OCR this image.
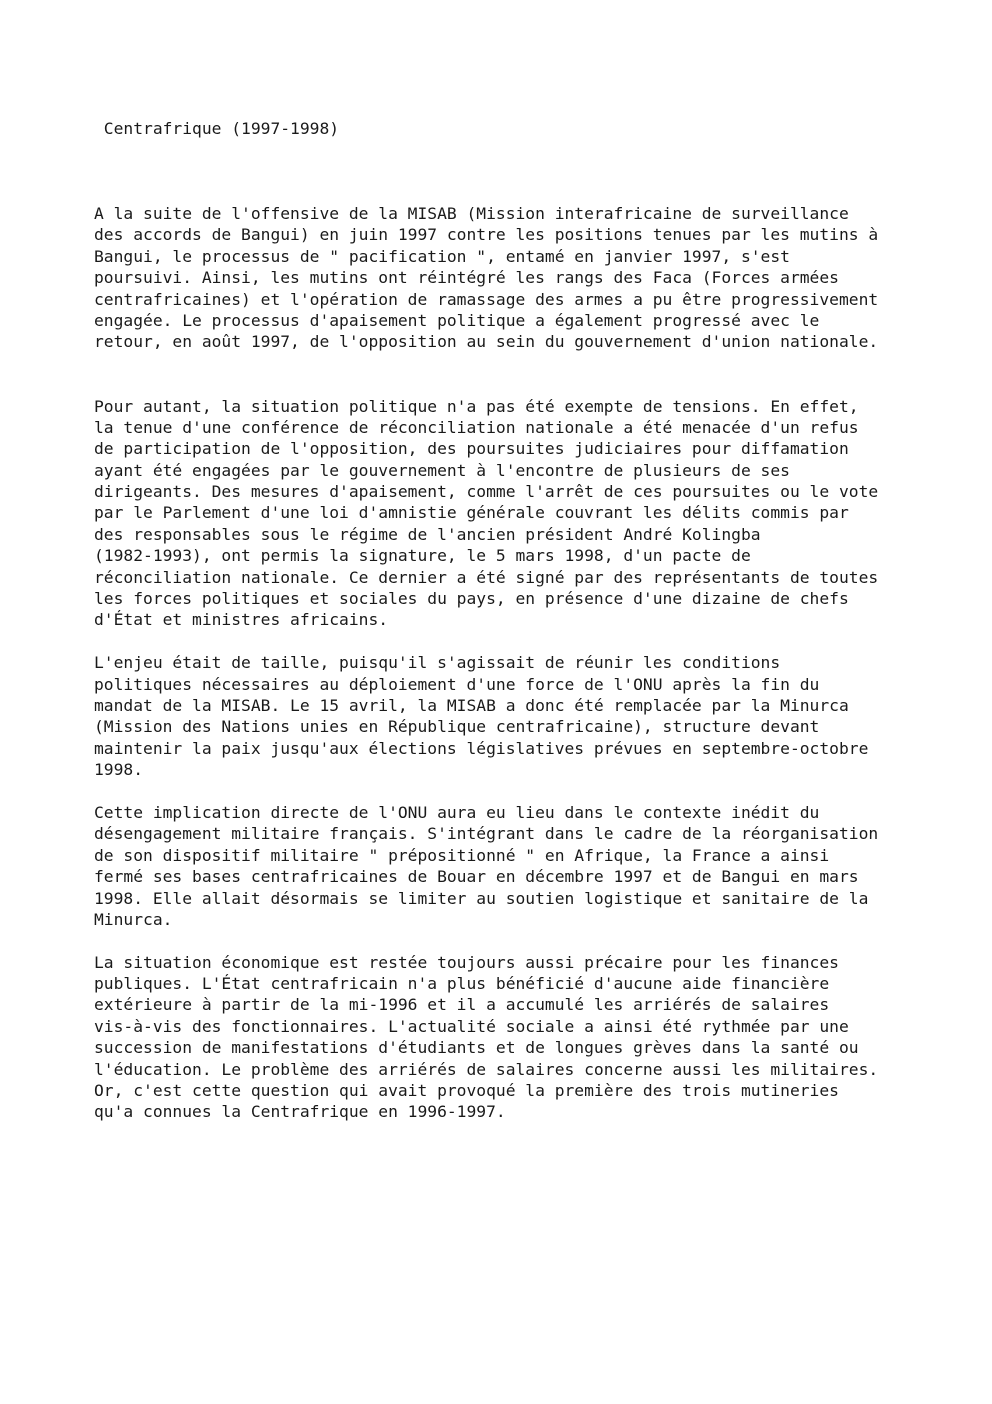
Centrafrique (1997-1998)

A la suite de l'offensive de la MISAB (Mission interafricaine de surveillance
des accords de Bangui) en juin 1997 contre les positions tenues par les mutins à
Bangui, le processus de " pacification ", entamé en janvier 1997, s'est
poursuivi. Ainsi, les mutins ont réintégré les rangs des Faca (Forces armées
centrafricaines) et l'opération de ramassage des armes a pu être progressivement
engagée. Le processus d'apaisement politique a également progressé avec le
retour, en août 1997, de l'opposition au sein du gouvernement d'union nationale.

Pour autant, la situation politique n'a pas été exempte de tensions. En effet,
la tenue d'une conférence de réconciliation nationale a été menacée d'un refus
de participation de l'opposition, des poursuites judiciaires pour diffamation
ayant été engagées par le gouvernement à l'encontre de plusieurs de ses
dirigeants. Des mesures d'apaisement, comme l'arrêt de ces poursuites ou le vote
par le Parlement d'une loi d'amnistie générale couvrant les délits commis par
des responsables sous le régime de l'ancien président André Kolingba
(1982-1993), ont permis la signature, le 5 mars 1998, d'un pacte de
réconciliation nationale. Ce dernier a été signé par des représentants de toutes
les forces politiques et sociales du pays, en présence d'une dizaine de chefs
d'État et ministres africains.

L'enjeu était de taille, puisqu'il s'agissait de réunir les conditions
politiques nécessaires au déploiement d'une force de l'ONU après la fin du
mandat de la MISAB. Le 15 avril, la MISAB a donc été remplacée par la Minurca
(Mission des Nations unies en République centrafricaine), structure devant
maintenir la paix jusqu'aux élections législatives prévues en septembre-octobre
1998.

Cette implication directe de l'ONU aura eu lieu dans le contexte inédit du
désengagement militaire français. S'intégrant dans le cadre de la réorganisation
de son dispositif militaire " prépositionné " en Afrique, la France a ainsi
fermé ses bases centrafricaines de Bouar en décembre 1997 et de Bangui en mars
1998. Elle allait désormais se limiter au soutien logistique et sanitaire de la
Minurca.

La situation économique est restée toujours aussi précaire pour les finances
publiques. L'État centrafricain n'a plus bénéficié d'aucune aide financière
extérieure à partir de la mi-1996 et il a accumulé les arriérés de salaires
vis-à-vis des fonctionnaires. L'actualité sociale a ainsi été rythmée par une
succession de manifestations d'étudiants et de longues grèves dans la santé ou
l'éducation. Le problème des arriérés de salaires concerne aussi les militaires.
Or, c'est cette question qui avait provoqué la première des trois mutineries
qu'a connues la Centrafrique en 1996-1997.
